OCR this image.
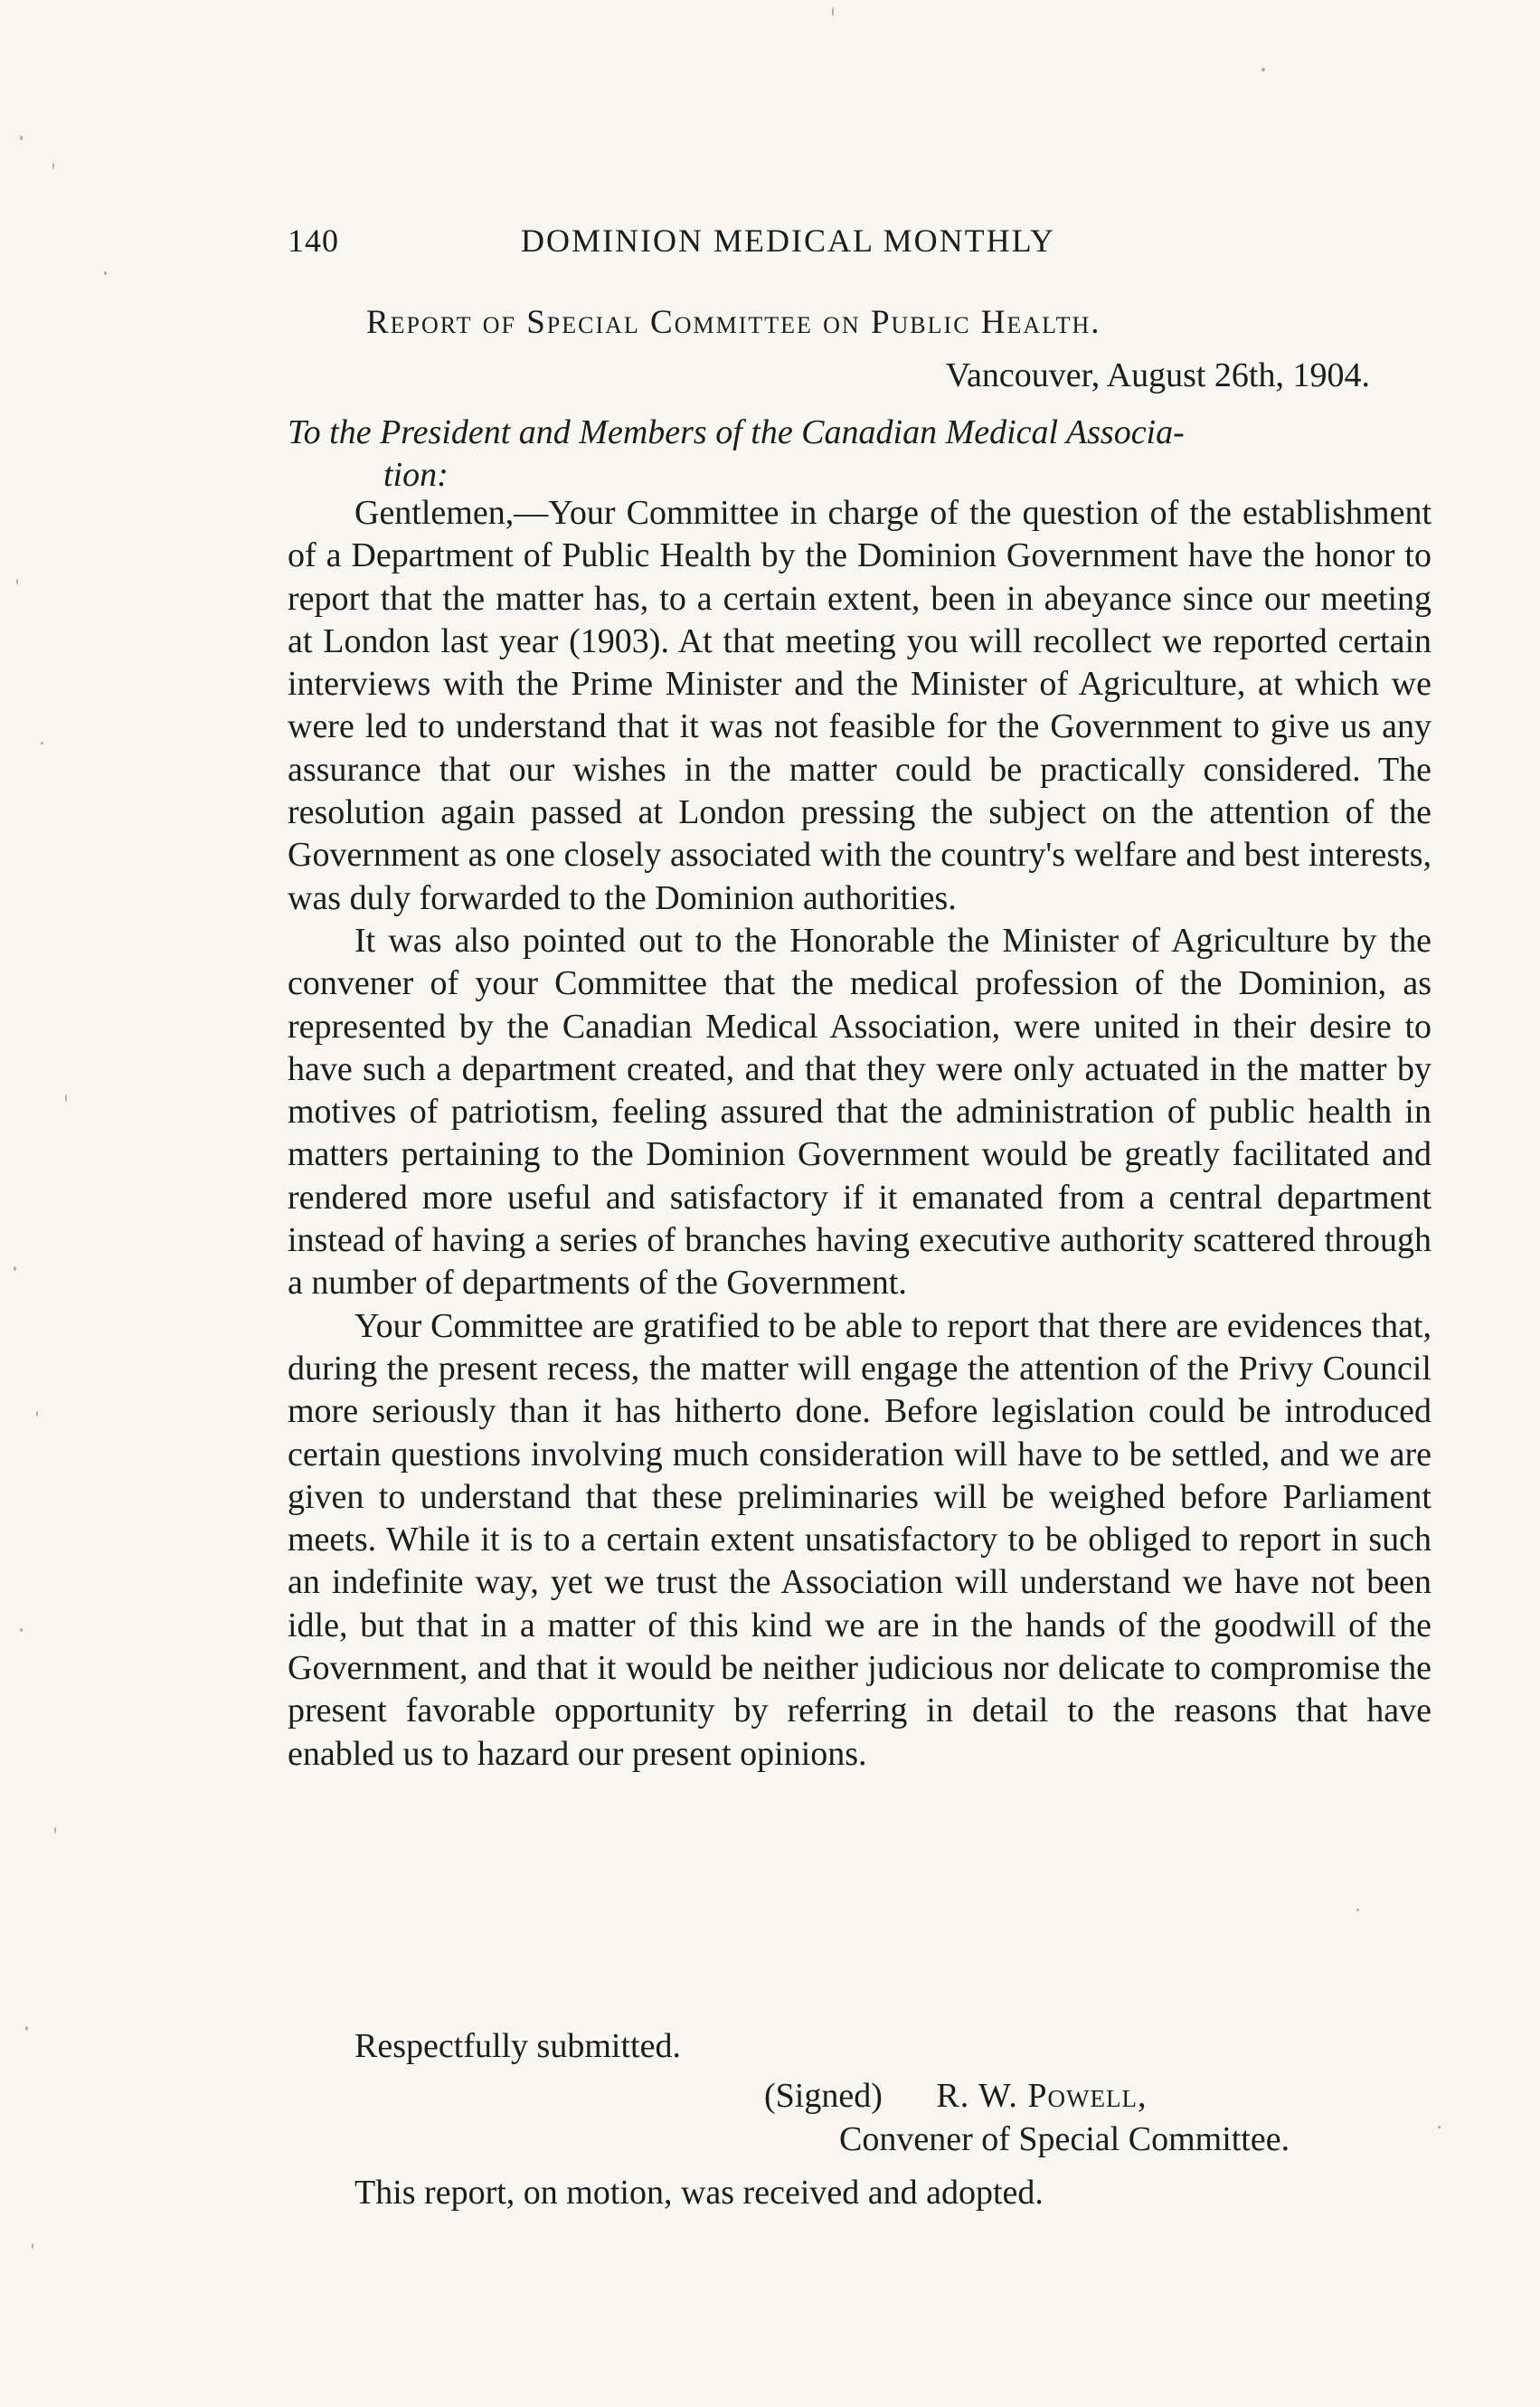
140	DOMINION MEDICAL MONTHLY
Report of Special Committee on Public Health.
Vancouver, August 26th, 1904.
To the President and Members of the Canadian Medical Associa-
tion:

Gentlemen,—Your Committee in charge of the question of the establishment of a Department of Public Health by the Dominion Government have the honor to report that the matter has, to a certain extent, been in abeyance since our meeting at London last year (1903). At that meeting you will recollect we reported certain interviews with the Prime Minister and the Minister of Agriculture, at which we were led to understand that it was not feasible for the Government to give us any assurance that our wishes in the matter could be practically considered. The resolution again passed at London pressing the subject on the attention of the Government as one closely associated with the country's welfare and best interests, was duly forwarded to the Dominion authorities.

It was also pointed out to the Honorable the Minister of Agriculture by the convener of your Committee that the medical profession of the Dominion, as represented by the Canadian Medical Association, were united in their desire to have such a department created, and that they were only actuated in the matter by motives of patriotism, feeling assured that the administration of public health in matters pertaining to the Dominion Government would be greatly facilitated and rendered more useful and satisfactory if it emanated from a central department instead of having a series of branches having executive authority scattered through a number of departments of the Government.

Your Committee are gratified to be able to report that there are evidences that, during the present recess, the matter will engage the attention of the Privy Council more seriously than it has hitherto done. Before legislation could be introduced certain questions involving much consideration will have to be settled, and we are given to understand that these preliminaries will be weighed before Parliament meets. While it is to a certain extent unsatisfactory to be obliged to report in such an indefinite way, yet we trust the Association will understand we have not been idle, but that in a matter of this kind we are in the hands of the goodwill of the Government, and that it would be neither judicious nor delicate to compromise the present favorable opportunity by referring in detail to the reasons that have enabled us to hazard our present opinions.

Respectfully submitted.
(Signed) R. W. Powell,
Convener of Special Committee.
This report, on motion, was received and adopted.
